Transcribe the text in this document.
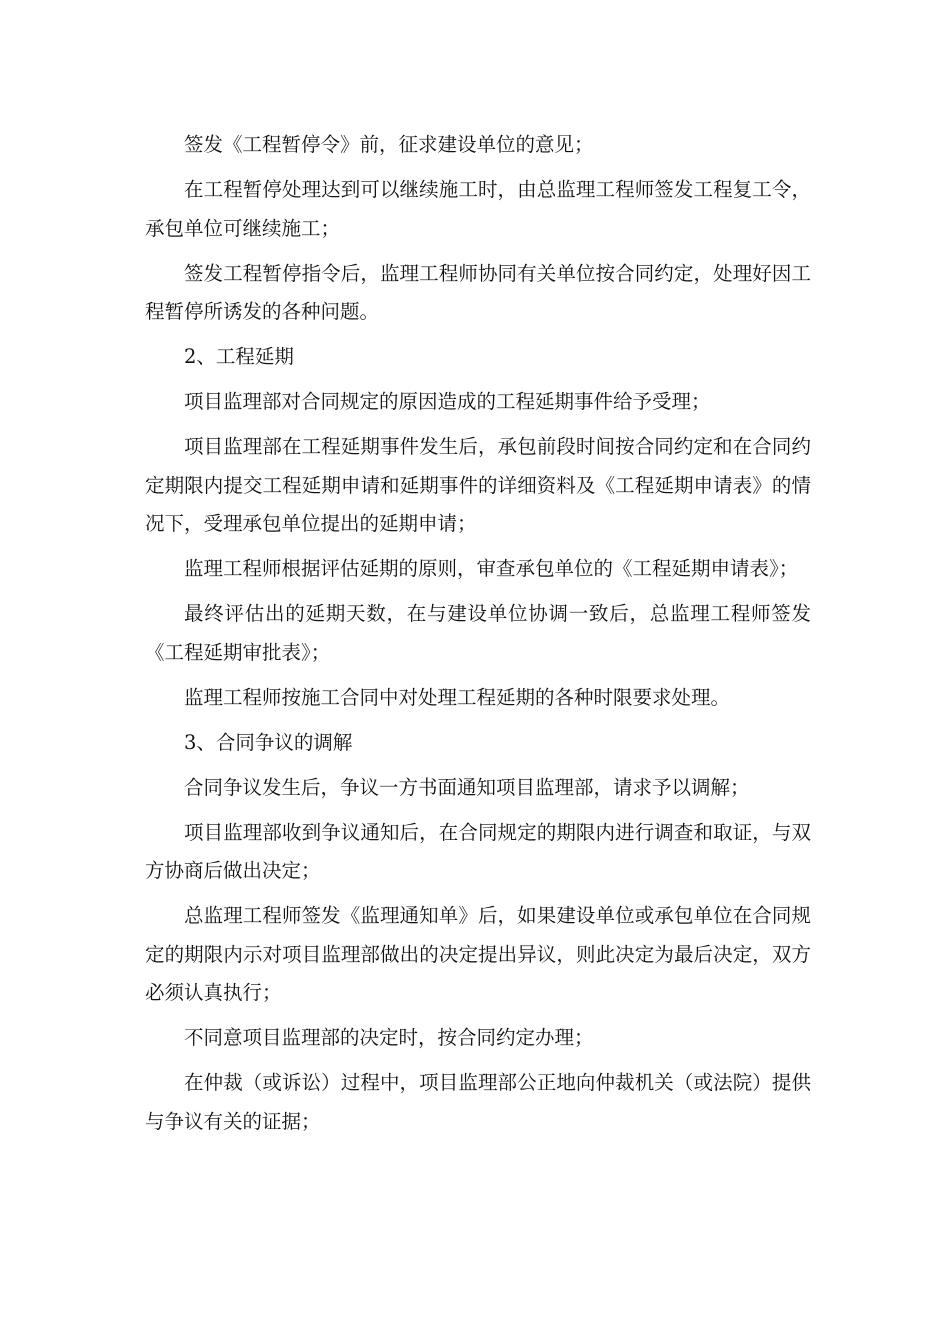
签发《工程暂停令》前，征求建设单位的意见；

在工程暂停处理达到可以继续施工时，由总监理工程师签发工程复工令，承包单位可继续施工；

签发工程暂停指令后，监理工程师协同有关单位按合同约定，处理好因工程暂停所诱发的各种问题。

2、工程延期

项目监理部对合同规定的原因造成的工程延期事件给予受理；

项目监理部在工程延期事件发生后，承包前段时间按合同约定和在合同约定期限内提交工程延期申请和延期事件的详细资料及《工程延期申请表》的情况下，受理承包单位提出的延期申请；

监理工程师根据评估延期的原则，审查承包单位的《工程延期申请表》；

最终评估出的延期天数，在与建设单位协调一致后，总监理工程师签发《工程延期审批表》；

监理工程师按施工合同中对处理工程延期的各种时限要求处理。

3、合同争议的调解

合同争议发生后，争议一方书面通知项目监理部，请求予以调解；

项目监理部收到争议通知后，在合同规定的期限内进行调查和取证，与双方协商后做出决定；

总监理工程师签发《监理通知单》后，如果建设单位或承包单位在合同规定的期限内示对项目监理部做出的决定提出异议，则此决定为最后决定，双方必须认真执行；

不同意项目监理部的决定时，按合同约定办理；

在仲裁（或诉讼）过程中，项目监理部公正地向仲裁机关（或法院）提供与争议有关的证据；
